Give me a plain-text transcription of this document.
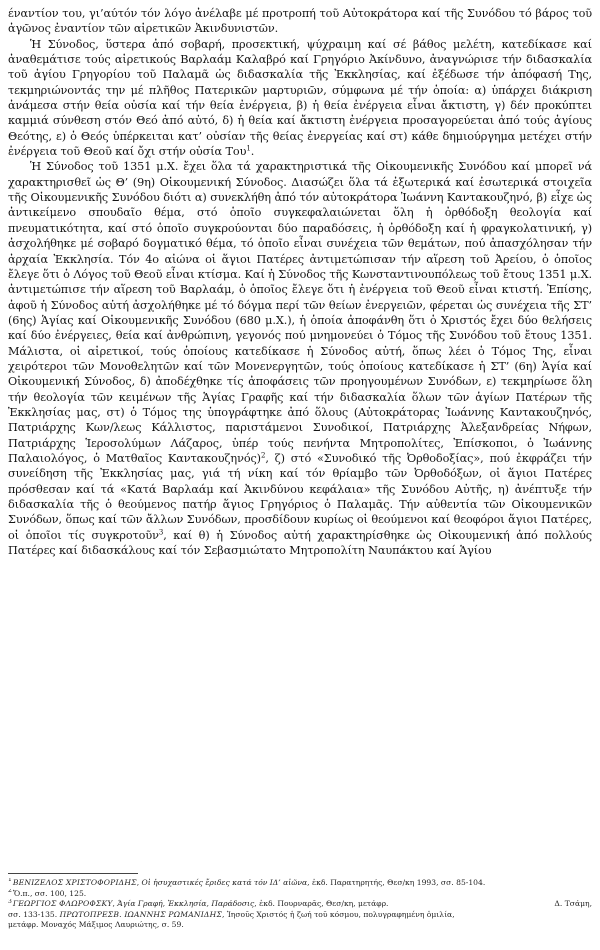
έναντίον του, γι’αύτόν τόν λόγο ἀνέλαβε μέ προτροπή τοῦ Αὐτοκράτορα καί τῆς Συνόδου τό βάρος τοῦ ἀγῶνος ἐναντίον τῶν αἱρετικῶν Ἀκινδυνιστῶν.

Ἡ Σύνοδος, ὕστερα ἀπό σοβαρή, προσεκτική, ψύχραιμη καί σέ βάθος μελέτη, κατεδίκασε καί ἀναθεμάτισε τούς αἱρετικούς Βαρλαάμ Καλαβρό καί Γρηγόριο Ἀκίνδυνο, ἀναγνώρισε τήν διδασκαλία τοῦ ἁγίου Γρηγορίου τοῦ Παλαμᾶ ὡς διδασκαλία τῆς Ἐκκλησίας, καί ἐξέδωσε τήν ἀπόφασή Της, τεκμηριώνοντάς την μέ πλῆθος Πατερικῶν μαρτυριῶν, σύμφωνα μέ τήν ὁποία: α) ὑπάρχει διάκριση ἀνάμεσα στήν θεία οὐσία καί τήν θεία ἐνέργεια, β) ἡ θεία ἐνέργεια εἶναι ἄκτιστη, γ) δέν προκύπτει καμμιά σύνθεση στόν Θεό ἀπό αὐτό, δ) ἡ θεία καί ἄκτιστη ἐνέργεια προσαγορεύεται ἀπό τούς ἁγίους Θεότης, ε) ὁ Θεός ὑπέρκειται κατ’ οὐσίαν τῆς θείας ἐνεργείας καί στ) κάθε δημιούργημα μετέχει στήν ἐνέργεια τοῦ Θεοῦ καί ὄχι στήν οὐσία Του$^1$.

Ἡ Σύνοδος τοῦ 1351 μ.Χ. ἔχει ὅλα τά χαρακτηριστικά τῆς Οἰκουμενικῆς Συνόδου καί μπορεῖ νά χαρακτηρισθεῖ ὡς Θ’ (9η) Οἰκουμενική Σύνοδος. Διασώζει ὅλα τά ἐξωτερικά καί ἐσωτερικά στοιχεῖα τῆς Οἰκουμενικῆς Συνόδου διότι α) συνεκλήθη ἀπό τόν αὐτοκράτορα Ἰωάννη Καντακουζηνό, β) εἶχε ὡς ἀντικείμενο σπουδαῖο θέμα, στό ὁποῖο συγκεφαλαιώνεται ὅλη ἡ ὀρθόδοξη θεολογία καί πνευματικότητα, καί στό ὁποῖο συγκρούονται δύο παραδόσεις, ἡ ὀρθόδοξη καί ἡ φραγκολατινική, γ) ἀσχολήθηκε μέ σοβαρό δογματικό θέμα, τό ὁποῖο εἶναι συνέχεια τῶν θεμάτων, πού ἀπασχόλησαν τήν ἀρχαία Ἐκκλησία. Τόν 4ο αἰώνα οἱ ἅγιοι Πατέρες ἀντιμετώπισαν τήν αἵρεση τοῦ Ἀρείου, ὁ ὁποῖος ἔλεγε ὅτι ὁ Λόγος τοῦ Θεοῦ εἶναι κτίσμα. Καί ἡ Σύνοδος τῆς Κωνσταντινουπόλεως τοῦ ἔτους 1351 μ.Χ. ἀντιμετώπισε τήν αἵρεση τοῦ Βαρλαάμ, ὁ ὁποῖος ἔλεγε ὅτι ἡ ἐνέργεια τοῦ Θεοῦ εἶναι κτιστή. Ἐπίσης, ἀφοῦ ἡ Σύνοδος αὐτή ἀσχολήθηκε μέ τό δόγμα περί τῶν θείων ἐνεργειῶν, φέρεται ὡς συνέχεια τῆς ΣΤ’ (6ης) Ἁγίας καί Οἰκουμενικῆς Συνόδου (680 μ.Χ.), ἡ ὁποία ἀποφάνθη ὅτι ὁ Χριστός ἔχει δύο θελήσεις καί δύο ἐνέργειες, θεία καί ἀνθρώπινη, γεγονός πού μνημονεύει ὁ Τόμος τῆς Συνόδου τοῦ ἔτους 1351. Μάλιστα, οἱ αἱρετικοί, τούς ὁποίους κατεδίκασε ἡ Σύνοδος αὐτή, ὅπως λέει ὁ Τόμος Της, εἶναι χειρότεροι τῶν Μονοθελητῶν καί τῶν Μονενεργητῶν, τούς ὁποίους κατεδίκασε ἡ ΣΤ’ (6η) Ἁγία καί Οἰκουμενική Σύνοδος, δ) ἀποδέχθηκε τίς ἀποφάσεις τῶν προηγουμένων Συνόδων, ε) τεκμηρίωσε ὅλη τήν θεολογία τῶν κειμένων τῆς Ἁγίας Γραφῆς καί τήν διδασκαλία ὅλων τῶν ἁγίων Πατέρων τῆς Ἐκκλησίας μας, στ) ὁ Τόμος της ὑπογράφτηκε ἀπό ὅλους (Αὐτοκράτορας Ἰωάννης Καντακουζηνός, Πατριάρχης Κων/λεως Κάλλιστος, παριστάμενοι Συνοδικοί, Πατριάρχης Ἀλεξανδρείας Νήφων, Πατριάρχης Ἱεροσολύμων Λάζαρος, ὑπέρ τούς πενήντα Μητροπολίτες, Ἐπίσκοποι, ὁ Ἰωάννης Παλαιολόγος, ὁ Ματθαῖος Καντακουζηνός)$^2$, ζ) στό «Συνοδικό τῆς Ὀρθοδοξίας», πού ἐκφράζει τήν συνείδηση τῆς Ἐκκλησίας μας, γιά τή νίκη καί τόν θρίαμβο τῶν Ὀρθοδόξων, οἱ ἅγιοι Πατέρες πρόσθεσαν καί τά «Κατά Βαρλαάμ καί Ἀκινδύνου κεφάλαια» τῆς Συνόδου Αὐτῆς, η) ἀνέπτυξε τήν διδασκαλία τῆς ὁ θεούμενος πατήρ ἅγιος Γρηγόριος ὁ Παλαμᾶς. Τήν αὐθεντία τῶν Οἰκουμενικῶν Συνόδων, ὅπως καί τῶν ἄλλων Συνόδων, προσδίδουν κυρίως οἱ θεούμενοι καί θεοφόροι ἅγιοι Πατέρες, οἱ ὁποῖοι τίς συγκροτοῦν$^3$, καί θ) ἡ Σύνοδος αὐτή χαρακτηρίσθηκε ὡς Οἰκουμενική ἀπό πολλούς Πατέρες καί διδασκάλους καί τόν Σεβασμιώτατο Μητροπολίτη Ναυπάκτου καί Ἁγίου

$^1$ΒΕΝΙΖΕΛΟΣ ΧΡΙΣΤΟΦΟΡΙΔΗΣ, Οἱ ἡσυχαστικές ἔριδες κατά τόν ΙΔ’ αἰῶνα, ἐκδ. Παρατηρητής, Θεσ/κη 1993, σσ. 85-104.

$^2$Ὅ.π., σσ. 100, 125.

$^3$ΓΕΩΡΓΙΟΣ ΦΛΩΡΟΦΣΚΥ, Ἁγία Γραφή, Ἐκκλησία, Παράδοσις, ἐκδ. Πουρναρᾶς, Θεσ/κη, μετάφρ.	Δ. Τσάμη,

σσ. 133-135. ΠΡΩΤΟΠΡΕΣΒ. ΙΩΑΝΝΗΣ ΡΩΜΑΝΙΔΗΣ, Ἰησοῦς Χριστός ἡ ζωή τοῦ κόσμου, πολυγραφημένη ὁμιλία,

μετάφρ. Μοναχός Μάξιμος Λαυριώτης, σ. 59.
